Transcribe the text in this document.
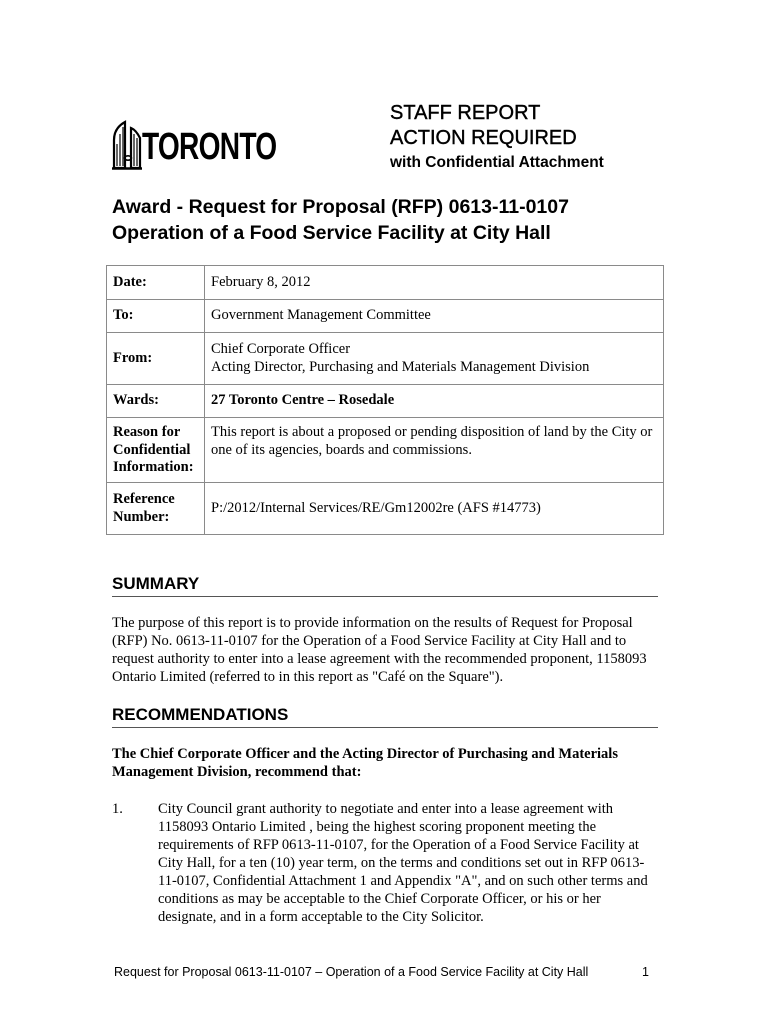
TORONTO
STAFF REPORT
ACTION REQUIRED
with Confidential Attachment
Award - Request for Proposal (RFP) 0613-11-0107
Operation of a Food Service Facility at City Hall
Date:	February 8, 2012
To:	Government Management Committee
From:	Chief Corporate Officer
Acting Director, Purchasing and Materials Management Division

Wards:	27 Toronto Centre – Rosedale

Reason for
Confidential
Information:	This report is about a proposed or pending disposition of land by the City or one of its agencies, boards and commissions.

Reference
Number:	P:/2012/Internal Services/RE/Gm12002re (AFS #14773)
SUMMARY
The purpose of this report is to provide information on the results of Request for Proposal (RFP) No. 0613-11-0107 for the Operation of a Food Service Facility at City Hall and to request authority to enter into a lease agreement with the recommended proponent, 1158093 Ontario Limited (referred to in this report as "Café on the Square").
RECOMMENDATIONS
The Chief Corporate Officer and the Acting Director of Purchasing and Materials Management Division, recommend that:
1. City Council grant authority to negotiate and enter into a lease agreement with 1158093 Ontario Limited , being the highest scoring proponent meeting the requirements of RFP 0613-11-0107, for the Operation of a Food Service Facility at City Hall, for a ten (10) year term, on the terms and conditions set out in RFP 0613-11-0107, Confidential Attachment 1 and Appendix "A", and on such other terms and conditions as may be acceptable to the Chief Corporate Officer, or his or her designate, and in a form acceptable to the City Solicitor.
Request for Proposal 0613-11-0107 – Operation of a Food Service Facility at City Hall	1
